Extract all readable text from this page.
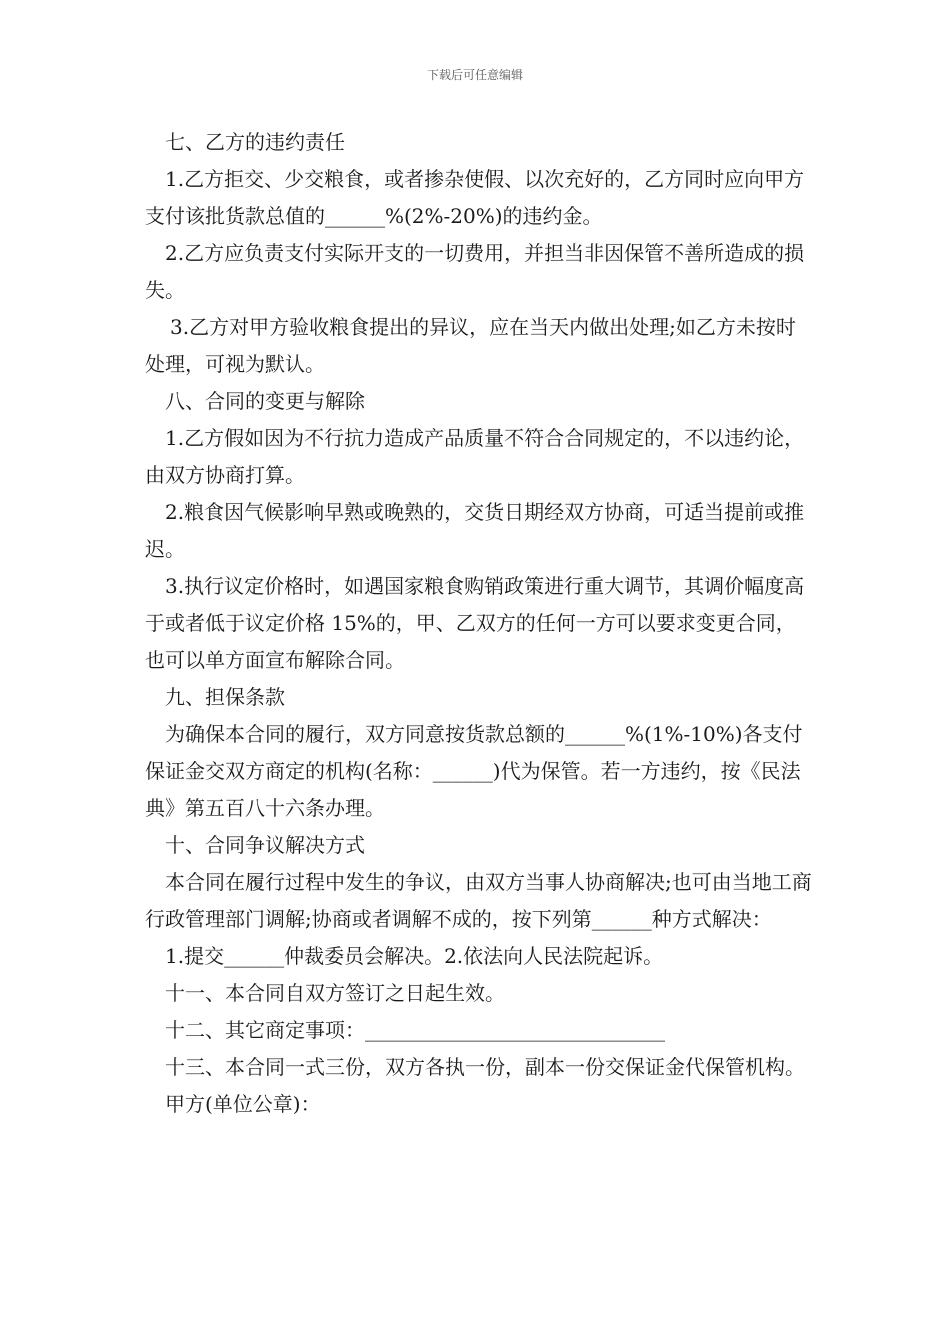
下载后可任意编辑

七、乙方的违约责任

1.乙方拒交、少交粮食，或者掺杂使假、以次充好的，乙方同时应向甲方支付该批货款总值的______%(2%-20%)的违约金。

2.乙方应负责支付实际开支的一切费用，并担当非因保管不善所造成的损失。

3.乙方对甲方验收粮食提出的异议，应在当天内做出处理;如乙方未按时处理，可视为默认。

八、合同的变更与解除

1.乙方假如因为不行抗力造成产品质量不符合合同规定的，不以违约论，由双方协商打算。

2.粮食因气候影响早熟或晚熟的，交货日期经双方协商，可适当提前或推迟。

3.执行议定价格时，如遇国家粮食购销政策进行重大调节，其调价幅度高于或者低于议定价格 15%的，甲、乙双方的任何一方可以要求变更合同，也可以单方面宣布解除合同。

九、担保条款

为确保本合同的履行，双方同意按货款总额的______%(1%-10%)各支付保证金交双方商定的机构(名称：______)代为保管。若一方违约，按《民法典》第五百八十六条办理。

十、合同争议解决方式

本合同在履行过程中发生的争议，由双方当事人协商解决;也可由当地工商行政管理部门调解;协商或者调解不成的，按下列第______种方式解决：

1.提交______仲裁委员会解决。2.依法向人民法院起诉。

十一、本合同自双方签订之日起生效。

十二、其它商定事项：______________________________

十三、本合同一式三份，双方各执一份，副本一份交保证金代保管机构。

甲方(单位公章)：
